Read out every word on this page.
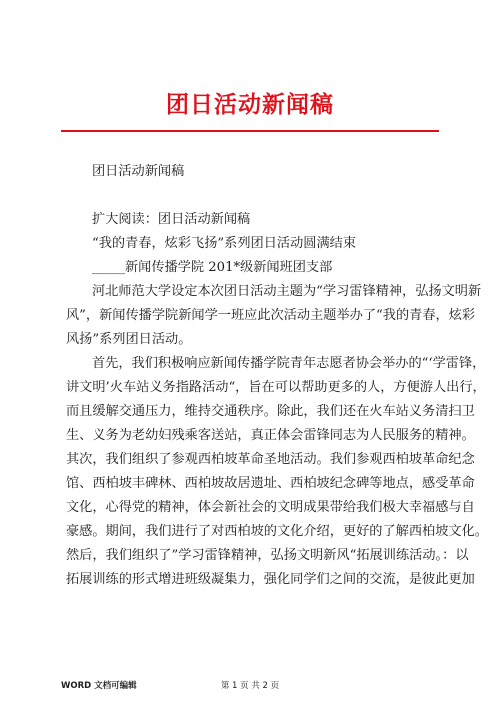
团日活动新闻稿
团日活动新闻稿
扩大阅读：团日活动新闻稿
“我的青春，炫彩飞扬”系列团日活动圆满结束
_____新闻传播学院 201*级新闻班团支部
河北师范大学设定本次团日活动主题为“学习雷锋精神，弘扬文明新
风”，新闻传播学院新闻学一班应此次活动主题举办了“我的青春，炫彩
风扬”系列团日活动。
首先，我们积极响应新闻传播学院青年志愿者协会举办的“‘学雷锋，
讲文明’火车站义务指路活动“，旨在可以帮助更多的人，方便游人出行，
而且缓解交通压力，维持交通秩序。除此，我们还在火车站义务清扫卫
生、义务为老幼妇残乘客送站，真正体会雷锋同志为人民服务的精神。
其次，我们组织了参观西柏坡革命圣地活动。我们参观西柏坡革命纪念
馆、西柏坡丰碑林、西柏坡故居遗址、西柏坡纪念碑等地点，感受革命
文化，心得党的精神，体会新社会的文明成果带给我们极大幸福感与自
豪感。期间，我们进行了对西柏坡的文化介绍，更好的了解西柏坡文化。
然后，我们组织了”学习雷锋精神，弘扬文明新风“拓展训练活动。：以
拓展训练的形式增进班级凝集力，强化同学们之间的交流，是彼此更加
WORD 文档可编辑	第 1 页 共 2 页
